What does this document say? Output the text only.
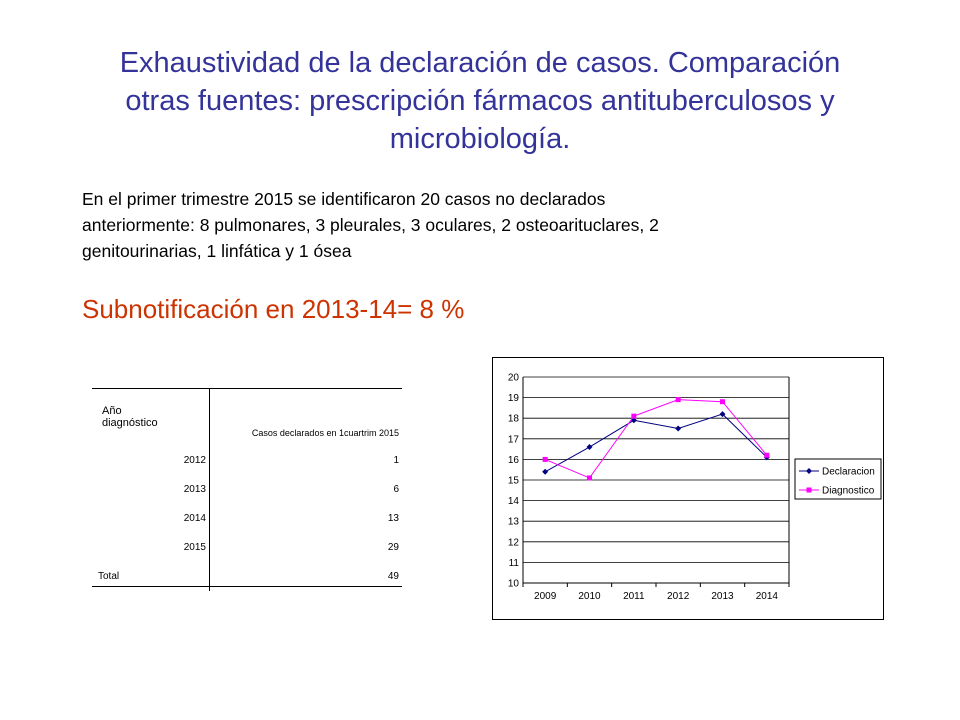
Exhaustividad de la declaración de casos. Comparación
otras fuentes: prescripción fármacos antituberculosos y
microbiología.

En el primer trimestre 2015 se identificaron 20 casos no declarados
anteriormente: 8 pulmonares, 3 pleurales, 3 oculares, 2 osteoarituclares, 2
genitourinarias, 1 linfática y 1 ósea

Subnotificación en 2013-14= 8 %
Año
diagnóstico	Casos declarados en 1cuartrim 2015
2012	1
2013	6
2014	13
2015	29
Total	49
10
11
12
13
14
15
16
17
18
19
20
2009 2010 2011 2012 2013 2014
Declaracion
Diagnostico
